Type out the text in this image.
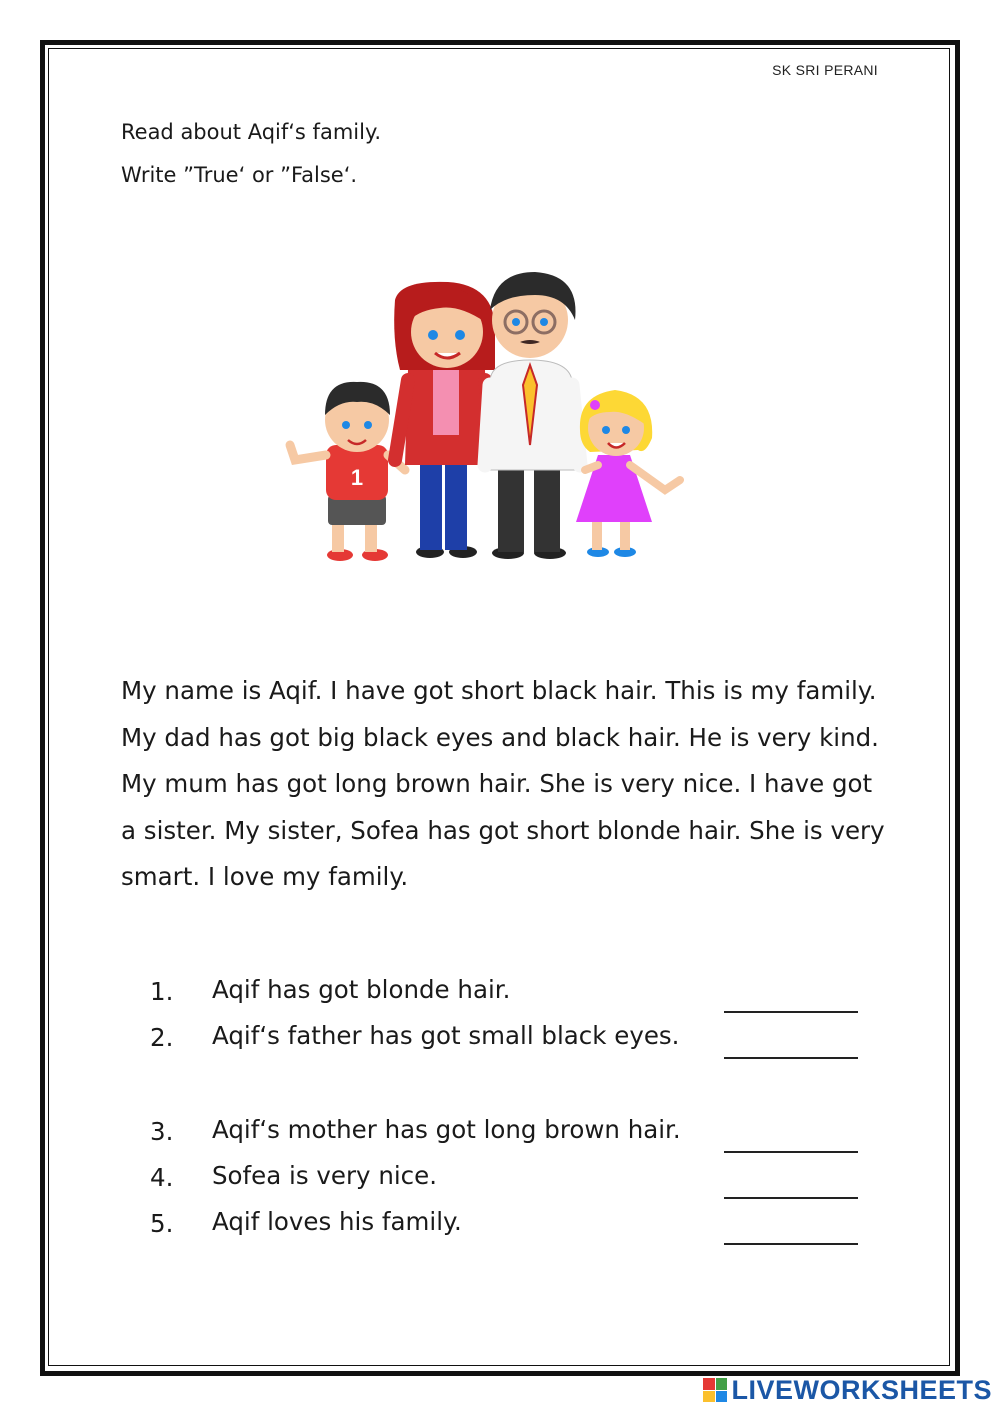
SK SRI PERANI
Read about Aqif‘s family.
Write ”True‘ or ”False‘.
1
My name is Aqif. I have got short black hair. This is my family. My dad has got big black eyes and black hair. He is very kind. My mum has got long brown hair. She is very nice. I have got a sister. My sister, Sofea has got short blonde hair. She is very smart. I love my family.
1. Aqif has got blonde hair.
2. Aqif‘s father has got small black eyes.
3. Aqif‘s mother has got long brown hair.
4. Sofea is very nice.
5. Aqif loves his family.
LIVEWORKSHEETS
